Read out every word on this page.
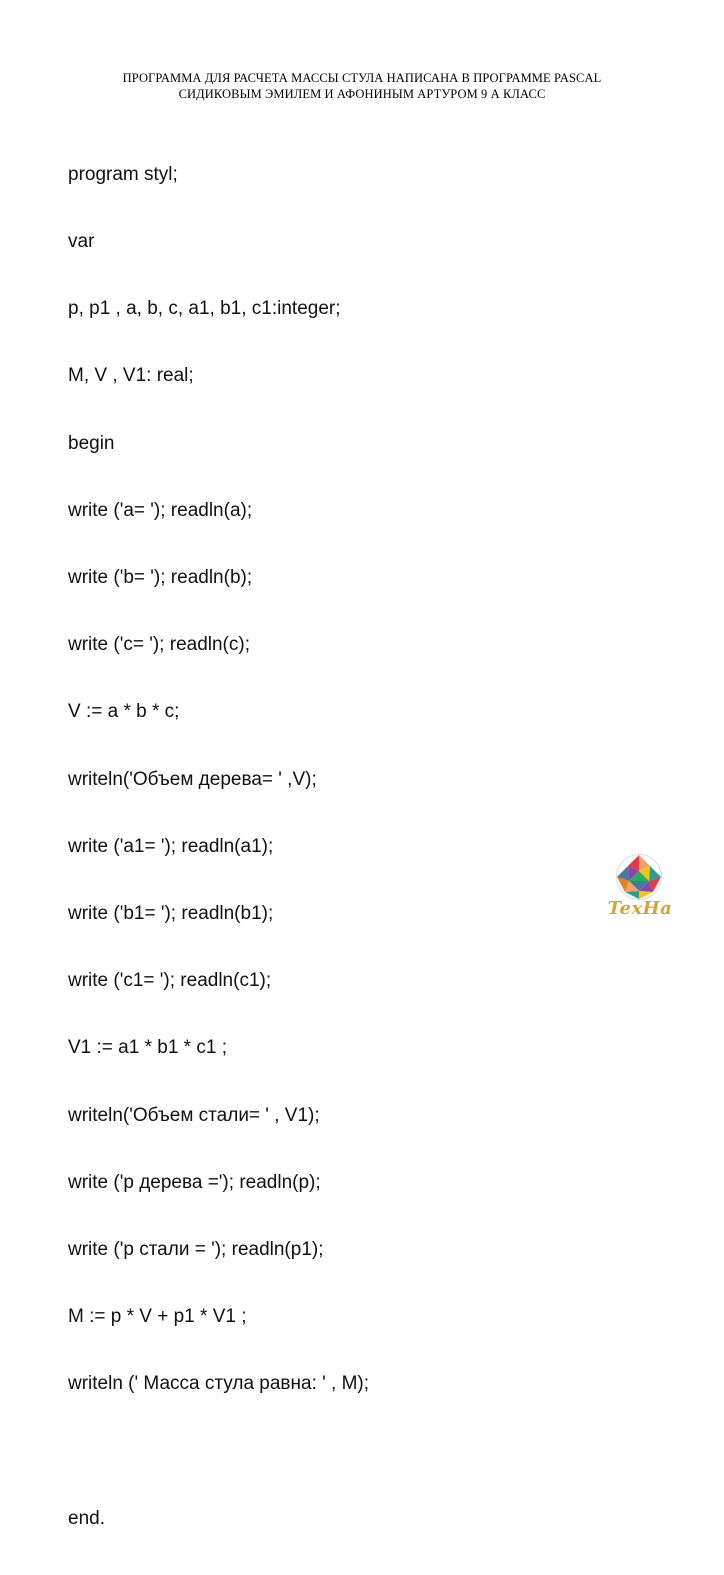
ПРОГРАММА ДЛЯ РАСЧЕТА МАССЫ СТУЛА НАПИСАНА В ПРОГРАММЕ PASCAL
СИДИКОВЫМ ЭМИЛЕМ И АФОНИНЫМ АРТУРОМ 9 А КЛАСС

program styl;

var

p, p1 , a, b, c, a1, b1, c1:integer;

M, V , V1: real;

begin

write ('a= '); readln(a);

write ('b= '); readln(b);

write ('c= '); readln(c);

V := a * b * c;

writeln('Объем дерева= ' ,V);

write ('a1= '); readln(a1);

write ('b1= '); readln(b1);

write ('c1= '); readln(c1);

V1 := a1 * b1 * c1 ;

writeln('Объем стали= ' , V1);

write ('p дерева ='); readln(p);

write ('p стали = '); readln(p1);

M := p * V + p1 * V1 ;

writeln (' Масса стула равна: ' , M);

end.

TexHa
